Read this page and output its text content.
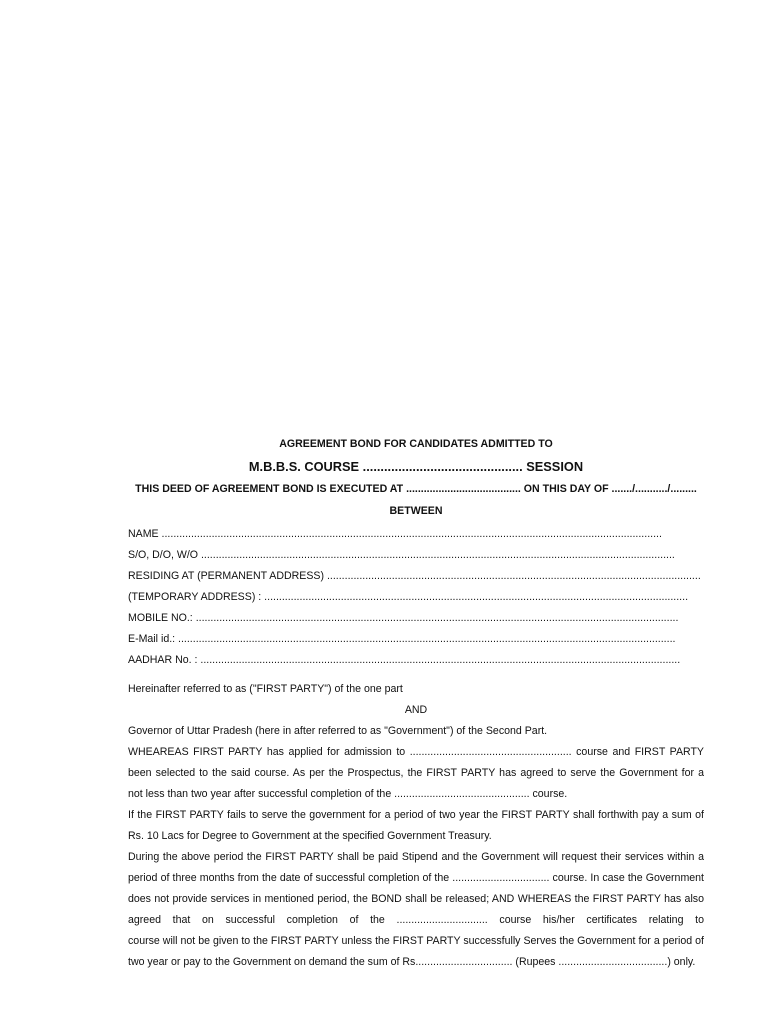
AGREEMENT BOND FOR CANDIDATES ADMITTED TO
M.B.B.S. COURSE ............................................. SESSION
THIS DEED OF AGREEMENT BOND IS EXECUTED AT ....................................... ON THIS DAY OF ......./.........../.........
BETWEEN
NAME ..........................................................................................................................................................................
S/O, D/O, W/O .................................................................................................................................................................
RESIDING AT (PERMANENT ADDRESS) ...............................................................................................................................
(TEMPORARY ADDRESS) : ................................................................................................................................................
MOBILE NO.: ....................................................................................................................................................................
E-Mail id.: .........................................................................................................................................................................
AADHAR No. : ...................................................................................................................................................................
Hereinafter referred to as ("FIRST PARTY") of the one part
AND
Governor of Uttar Pradesh (here in after referred to as "Government") of the Second Part.
WHEAREAS FIRST PARTY has applied for admission to ....................................................... course and FIRST PARTY
been selected to the said course. As per the Prospectus, the FIRST PARTY has agreed to serve the Government for a
not less than two year after successful completion of the .............................................. course.
If the FIRST PARTY fails to serve the government for a period of two year the FIRST PARTY shall forthwith pay a sum of
Rs. 10 Lacs for Degree to Government at the specified Government Treasury.
During the above period the FIRST PARTY shall be paid Stipend and the Government will request their services within a
period of three months from the date of successful completion of the ................................. course. In case the Government
does not provide services in mentioned period, the BOND shall be released; AND WHEREAS the FIRST PARTY has also
agreed that on successful completion of the ............................... course his/her certificates relating to
course will not be given to the FIRST PARTY unless the FIRST PARTY successfully Serves the Government for a period of
two year or pay to the Government on demand the sum of Rs................................. (Rupees .....................................) only.
